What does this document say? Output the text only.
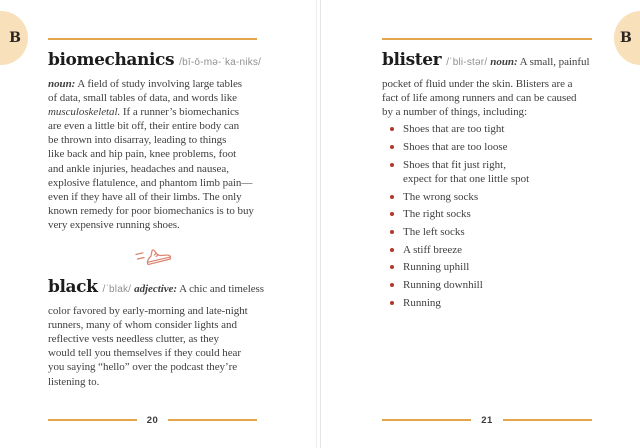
B	B
biomechanics /bī-ō-mə-ˈka-niks/
noun: A field of study involving large tables
of data, small tables of data, and words like
musculoskeletal. If a runner’s biomechanics
are even a little bit off, their entire body can
be thrown into disarray, leading to things
like back and hip pain, knee problems, foot
and ankle injuries, headaches and nausea,
explosive flatulence, and phantom limb pain—
even if they have all of their limbs. The only
known remedy for poor biomechanics is to buy
very expensive running shoes.
black /ˈblak/ adjective: A chic and timeless
color favored by early-morning and late-night
runners, many of whom consider lights and
reflective vests needless clutter, as they
would tell you themselves if they could hear
you saying “hello” over the podcast they’re
listening to.
blister /ˈbli-stər/ noun: A small, painful
pocket of fluid under the skin. Blisters are a
fact of life among runners and can be caused
by a number of things, including:
Shoes that are too tight
Shoes that are too loose
Shoes that fit just right,
expect for that one little spot
The wrong socks
The right socks
The left socks
A stiff breeze
Running uphill
Running downhill
Running
20	21
